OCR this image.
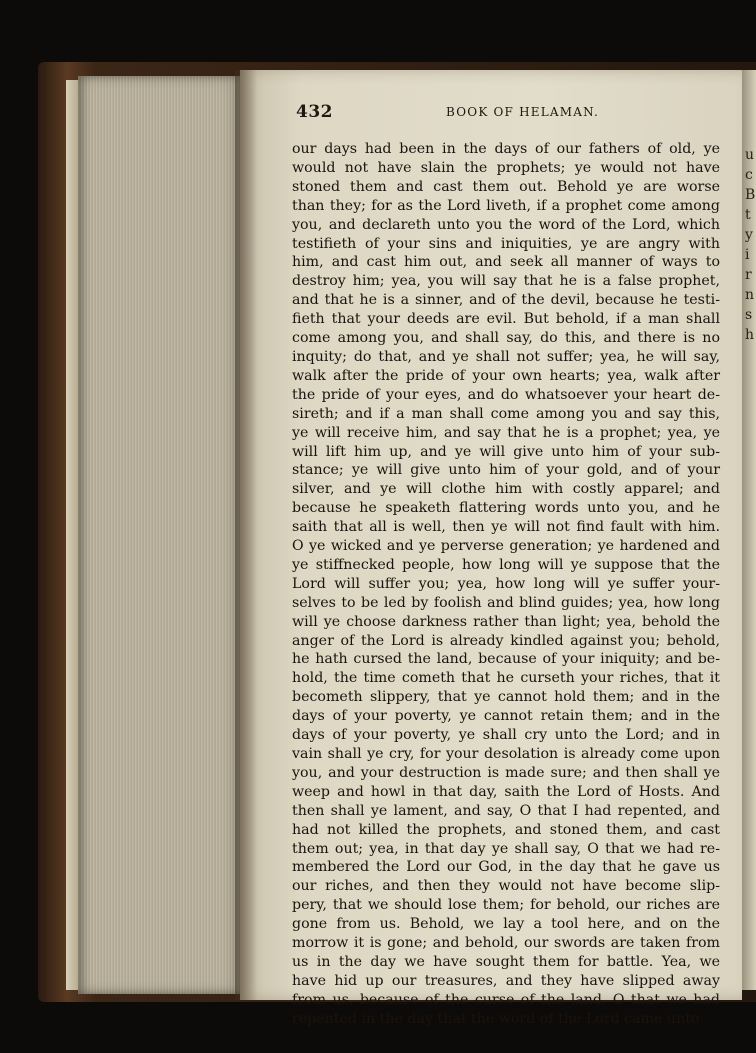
u
c
B
t
y
i
r
n
s
h
432	BOOK OF HELAMAN.
our days had been in the days of our fathers of old, ye
would not have slain the prophets; ye would not have
stoned them and cast them out. Behold ye are worse
than they; for as the Lord liveth, if a prophet come among
you, and declareth unto you the word of the Lord, which
testifieth of your sins and iniquities, ye are angry with
him, and cast him out, and seek all manner of ways to
destroy him; yea, you will say that he is a false prophet,
and that he is a sinner, and of the devil, because he testi-
fieth that your deeds are evil. But behold, if a man shall
come among you, and shall say, do this, and there is no
inquity; do that, and ye shall not suffer; yea, he will say,
walk after the pride of your own hearts; yea, walk after
the pride of your eyes, and do whatsoever your heart de-
sireth; and if a man shall come among you and say this,
ye will receive him, and say that he is a prophet; yea, ye
will lift him up, and ye will give unto him of your sub-
stance; ye will give unto him of your gold, and of your
silver, and ye will clothe him with costly apparel; and
because he speaketh flattering words unto you, and he
saith that all is well, then ye will not find fault with him.
O ye wicked and ye perverse generation; ye hardened and
ye stiffnecked people, how long will ye suppose that the
Lord will suffer you; yea, how long will ye suffer your-
selves to be led by foolish and blind guides; yea, how long
will ye choose darkness rather than light; yea, behold the
anger of the Lord is already kindled against you; behold,
he hath cursed the land, because of your iniquity; and be-
hold, the time cometh that he curseth your riches, that it
becometh slippery, that ye cannot hold them; and in the
days of your poverty, ye cannot retain them; and in the
days of your poverty, ye shall cry unto the Lord; and in
vain shall ye cry, for your desolation is already come upon
you, and your destruction is made sure; and then shall ye
weep and howl in that day, saith the Lord of Hosts. And
then shall ye lament, and say, O that I had repented, and
had not killed the prophets, and stoned them, and cast
them out; yea, in that day ye shall say, O that we had re-
membered the Lord our God, in the day that he gave us
our riches, and then they would not have become slip-
pery, that we should lose them; for behold, our riches are
gone from us. Behold, we lay a tool here, and on the
morrow it is gone; and behold, our swords are taken from
us in the day we have sought them for battle. Yea, we
have hid up our treasures, and they have slipped away
from us, because of the curse of the land. O that we had
repented in the day that the word of the Lord came unto
